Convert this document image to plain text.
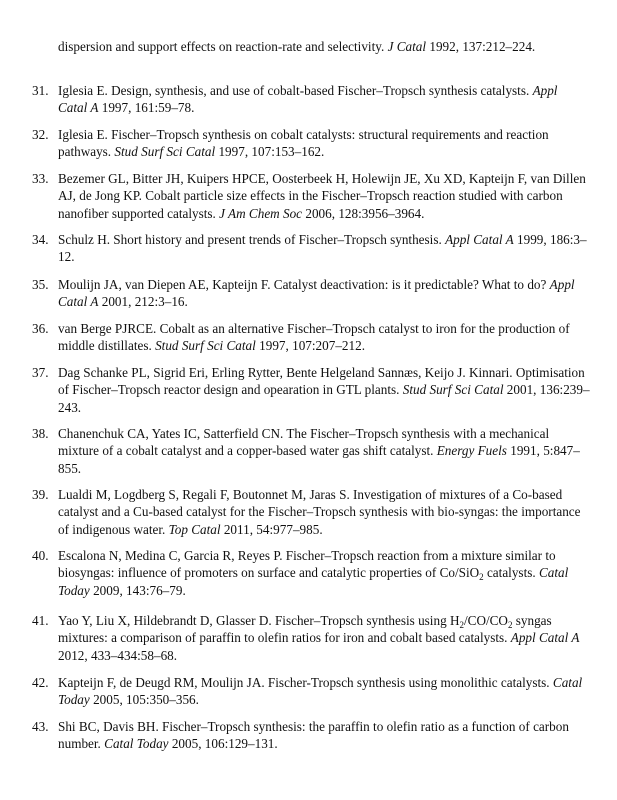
dispersion and support effects on reaction-rate and selectivity. J Catal 1992, 137:212–224.
31. Iglesia E. Design, synthesis, and use of cobalt-based Fischer–Tropsch synthesis catalysts. Appl Catal A 1997, 161:59–78.
32. Iglesia E. Fischer–Tropsch synthesis on cobalt catalysts: structural requirements and reaction pathways. Stud Surf Sci Catal 1997, 107:153–162.
33. Bezemer GL, Bitter JH, Kuipers HPCE, Oosterbeek H, Holewijn JE, Xu XD, Kapteijn F, van Dillen AJ, de Jong KP. Cobalt particle size effects in the Fischer–Tropsch reaction studied with carbon nanofiber supported catalysts. J Am Chem Soc 2006, 128:3956–3964.
34. Schulz H. Short history and present trends of Fischer–Tropsch synthesis. Appl Catal A 1999, 186:3–12.
35. Moulijn JA, van Diepen AE, Kapteijn F. Catalyst deactivation: is it predictable? What to do? Appl Catal A 2001, 212:3–16.
36. van Berge PJRCE. Cobalt as an alternative Fischer–Tropsch catalyst to iron for the production of middle distillates. Stud Surf Sci Catal 1997, 107:207–212.
37. Dag Schanke PL, Sigrid Eri, Erling Rytter, Bente Helgeland Sannæs, Keijo J. Kinnari. Optimisation of Fischer–Tropsch reactor design and opearation in GTL plants. Stud Surf Sci Catal 2001, 136:239–243.
38. Chanenchuk CA, Yates IC, Satterfield CN. The Fischer–Tropsch synthesis with a mechanical mixture of a cobalt catalyst and a copper-based water gas shift catalyst. Energy Fuels 1991, 5:847–855.
39. Lualdi M, Logdberg S, Regali F, Boutonnet M, Jaras S. Investigation of mixtures of a Co-based catalyst and a Cu-based catalyst for the Fischer–Tropsch synthesis with bio-syngas: the importance of indigenous water. Top Catal 2011, 54:977–985.
40. Escalona N, Medina C, Garcia R, Reyes P. Fischer–Tropsch reaction from a mixture similar to biosyngas: influence of promoters on surface and catalytic properties of Co/SiO$_2$ catalysts. Catal Today 2009, 143:76–79.
41. Yao Y, Liu X, Hildebrandt D, Glasser D. Fischer–Tropsch synthesis using $H_2/CO/CO_2$ syngas mixtures: a comparison of paraffin to olefin ratios for iron and cobalt based catalysts. Appl Catal A 2012, 433–434:58–68.
42. Kapteijn F, de Deugd RM, Moulijn JA. Fischer-Tropsch synthesis using monolithic catalysts. Catal Today 2005, 105:350–356.
43. Shi BC, Davis BH. Fischer–Tropsch synthesis: the paraffin to olefin ratio as a function of carbon number. Catal Today 2005, 106:129–131.
